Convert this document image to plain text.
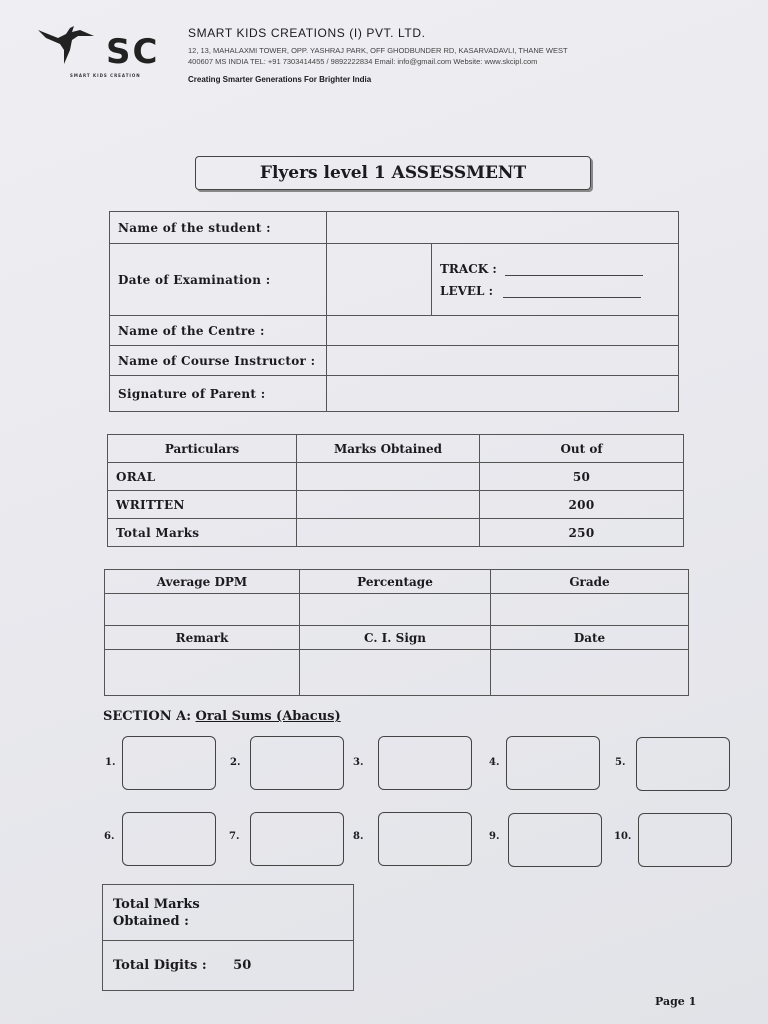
SC
SMART KIDS CREATION
SMART KIDS CREATIONS (I) PVT. LTD.
12, 13, MAHALAXMI TOWER, OPP. YASHRAJ PARK, OFF GHODBUNDER RD, KASARVADAVLI, THANE WEST
400607 MS INDIA TEL: +91 7303414455 / 9892222834 Email: info@gmail.com Website: www.skcipl.com
Creating Smarter Generations For Brighter India
Flyers level 1 ASSESSMENT
Name of the student :		
Date of Examination :		TRACK :
LEVEL :

Name of the Centre :		
Name of Course Instructor :		
Signature of Parent :		
Particulars	Marks Obtained	Out of
ORAL		50
WRITTEN		200
Total Marks		250
Average DPM	Percentage	Grade

Remark	C. I. Sign	Date

SECTION A: Oral Sums (Abacus)
1.	2.	3.	4.	5.
6.	7.	8.	9.	10.
Total Marks
Obtained :

Total Digits : 50
Page 1
